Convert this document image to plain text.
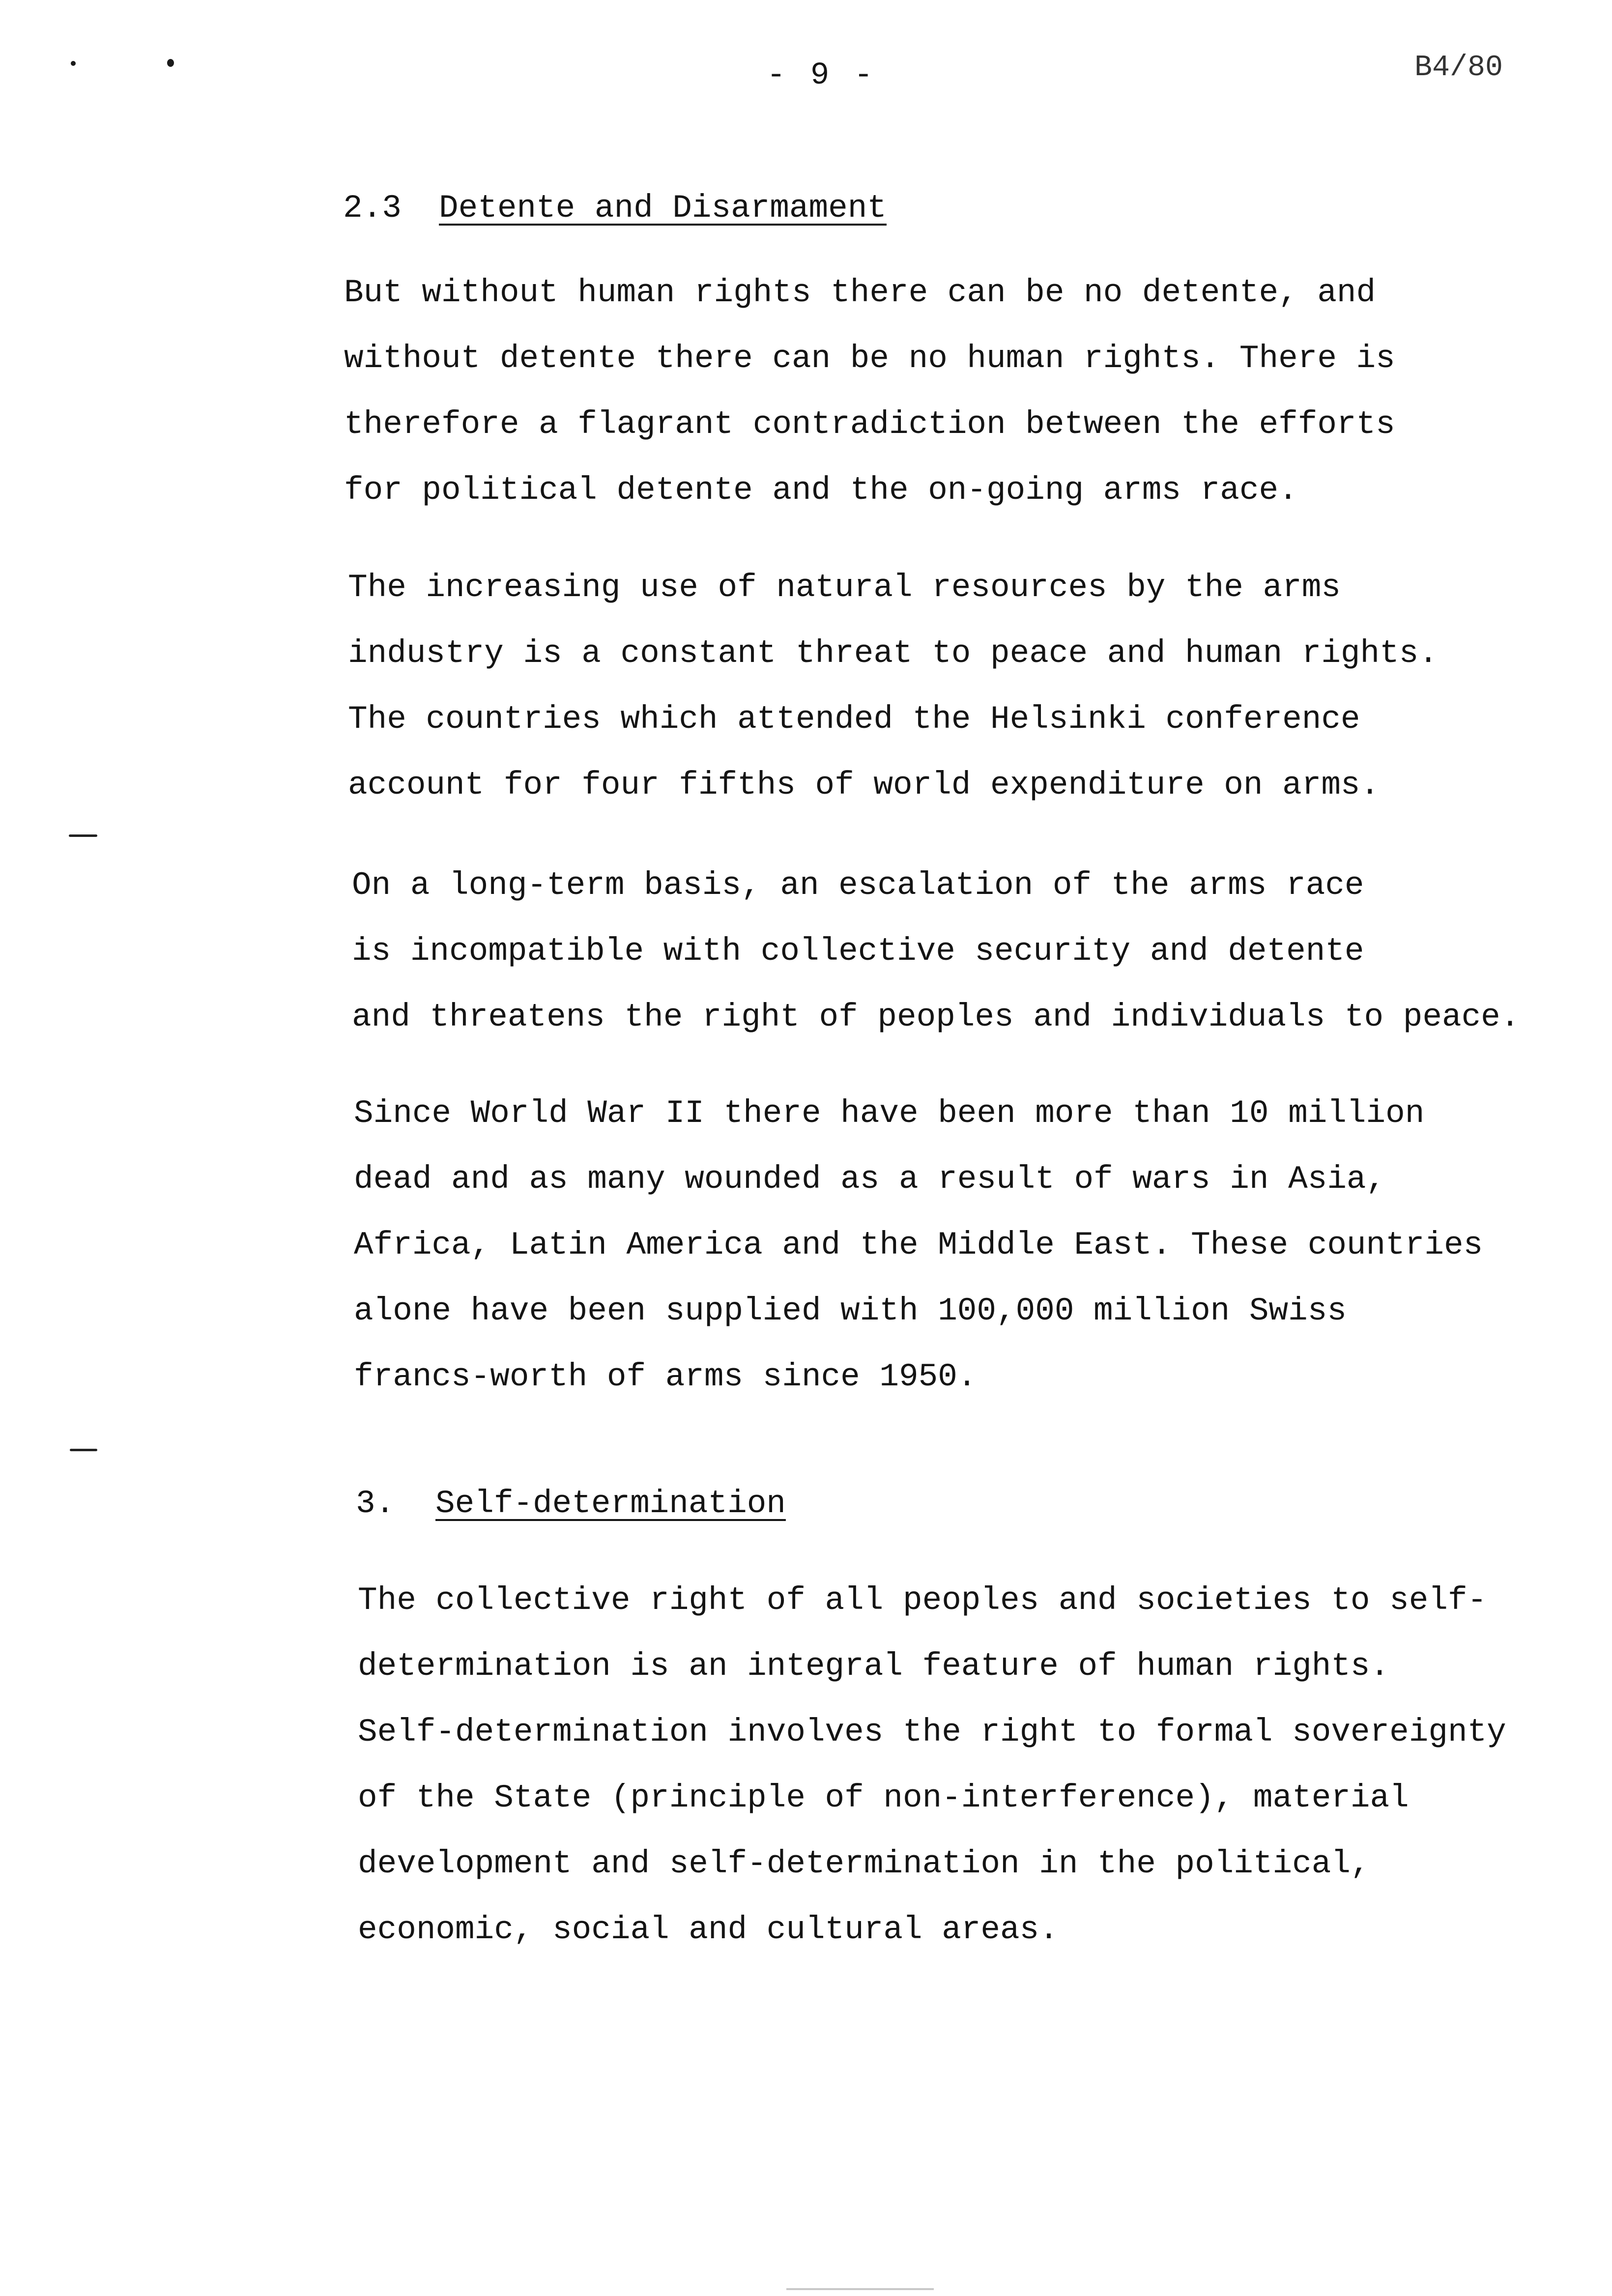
- 9 -	B4/80
2.3 Detente and Disarmament
But without human rights there can be no detente, and
without detente there can be no human rights. There is
therefore a flagrant contradiction between the efforts
for political detente and the on-going arms race.
The increasing use of natural resources by the arms
industry is a constant threat to peace and human rights.
The countries which attended the Helsinki conference
account for four fifths of world expenditure on arms.
On a long-term basis, an escalation of the arms race
is incompatible with collective security and detente
and threatens the right of peoples and individuals to peace.
Since World War II there have been more than 10 million
dead and as many wounded as a result of wars in Asia,
Africa, Latin America and the Middle East. These countries
alone have been supplied with 100,000 million Swiss
francs-worth of arms since 1950.
3. Self-determination
The collective right of all peoples and societies to self-
determination is an integral feature of human rights.
Self-determination involves the right to formal sovereignty
of the State (principle of non-interference), material
development and self-determination in the political,
economic, social and cultural areas.
